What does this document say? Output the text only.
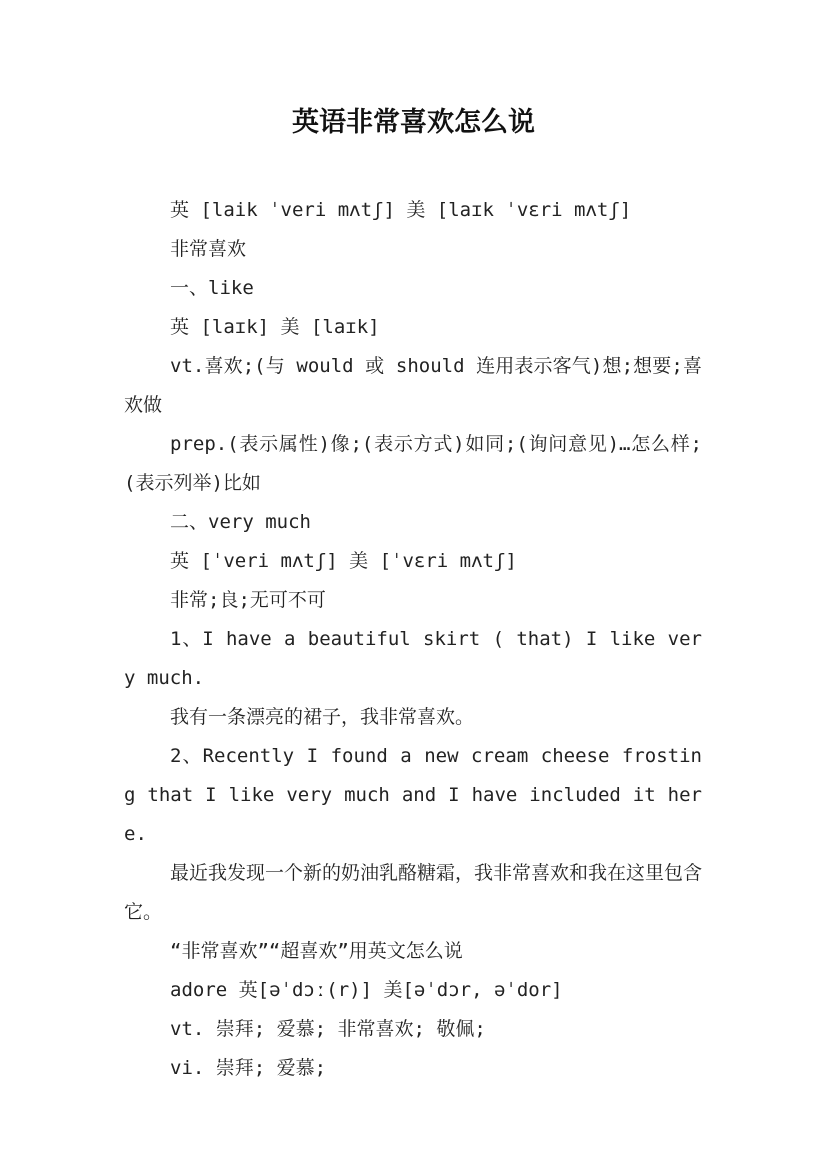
英语非常喜欢怎么说

英 [laik ˈveri mʌtʃ] 美 [laɪk ˈvɛri mʌtʃ]

非常喜欢

一、like

英 [laɪk] 美 [laɪk]

vt.喜欢;(与 would 或 should 连用表示客气)想;想要;喜欢做

prep.(表示属性)像;(表示方式)如同;(询问意见)…怎么样;(表示列举)比如

二、very much

英 [ˈveri mʌtʃ] 美 [ˈvɛri mʌtʃ]

非常;良;无可不可

1、I have a beautiful skirt ( that) I like very much.

我有一条漂亮的裙子，我非常喜欢。

2、Recently I found a new cream cheese frosting that I like very much and I have included it here.

最近我发现一个新的奶油乳酪糖霜，我非常喜欢和我在这里包含它。

“非常喜欢”“超喜欢”用英文怎么说

adore 英[əˈdɔː(r)] 美[əˈdɔr, əˈdor]

vt. 崇拜; 爱慕; 非常喜欢; 敬佩;

vi. 崇拜; 爱慕;
